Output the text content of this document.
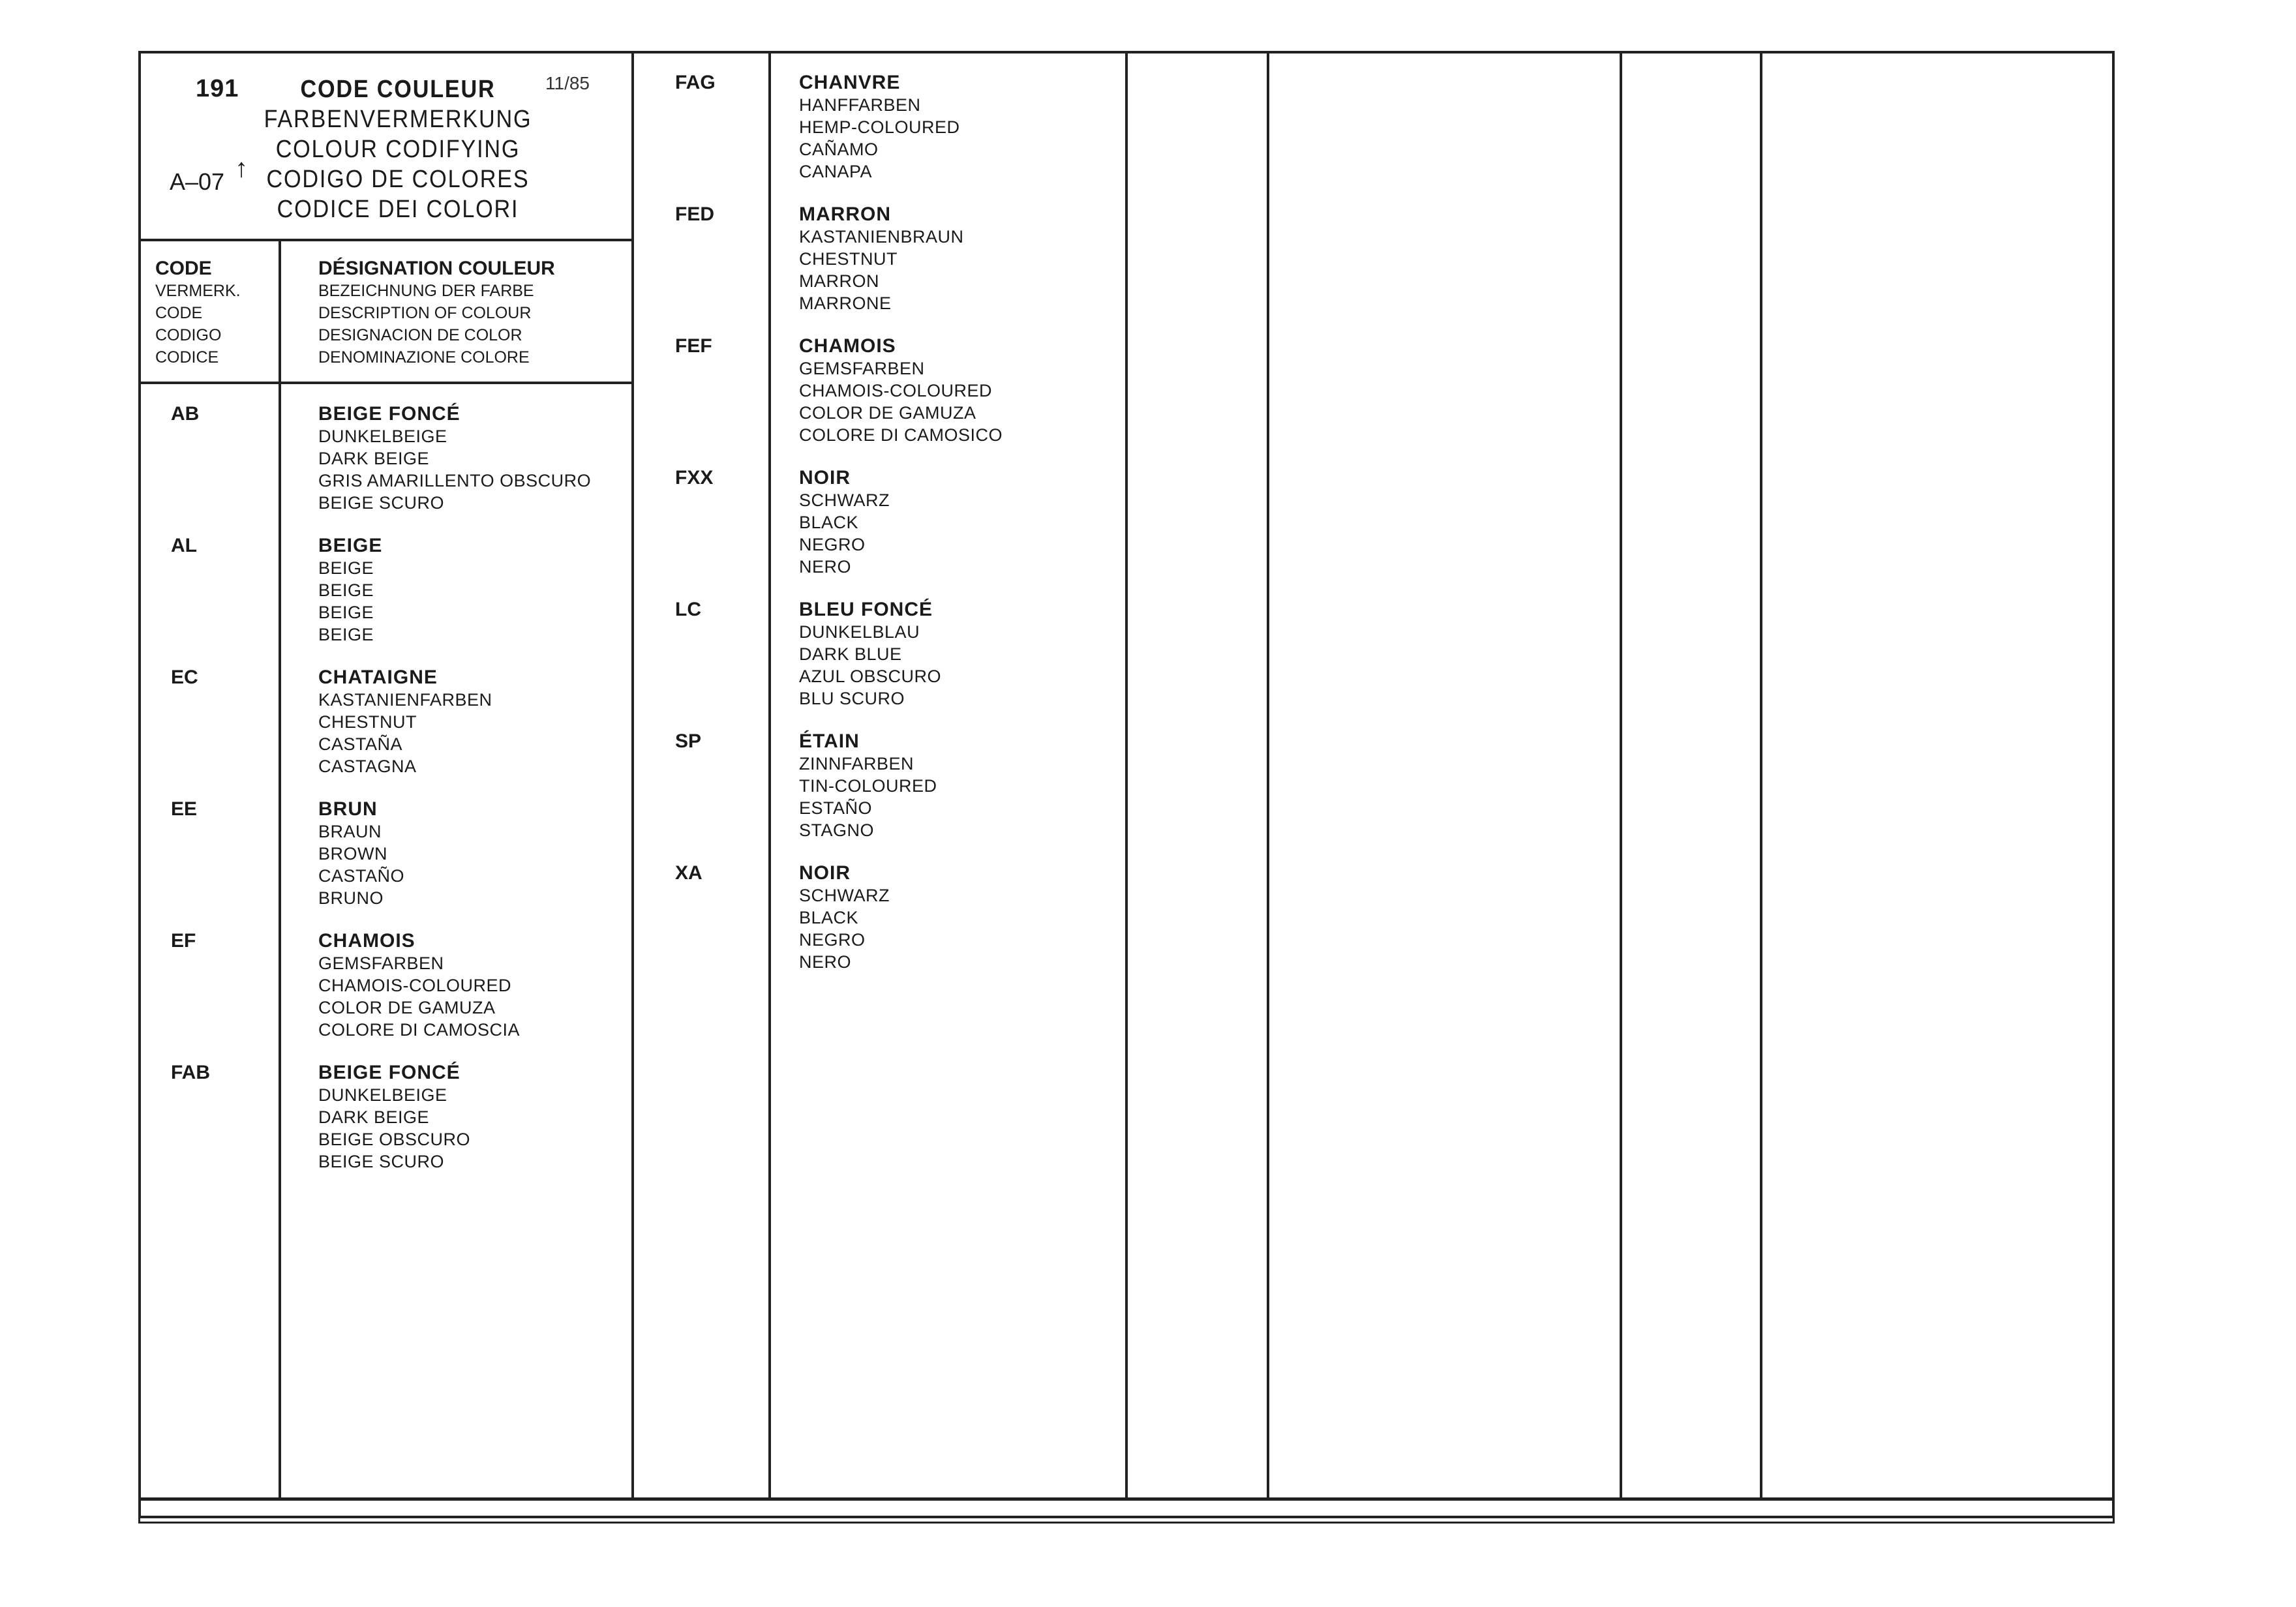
191	11/85
A–07 ↑
CODE COULEUR
FARBENVERMERKUNG
COLOUR CODIFYING
CODIGO DE COLORES
CODICE DEI COLORI
CODE
VERMERK.
CODE
CODIGO
CODICE
DÉSIGNATION COULEUR
BEZEICHNUNG DER FARBE
DESCRIPTION OF COLOUR
DESIGNACION DE COLOR
DENOMINAZIONE COLORE
AB	BEIGE FONCÉ
DUNKELBEIGE
DARK BEIGE
GRIS AMARILLENTO OBSCURO
BEIGE SCURO
AL	BEIGE
BEIGE
BEIGE
BEIGE
BEIGE
EC	CHATAIGNE
KASTANIENFARBEN
CHESTNUT
CASTAÑA
CASTAGNA
EE	BRUN
BRAUN
BROWN
CASTAÑO
BRUNO
EF	CHAMOIS
GEMSFARBEN
CHAMOIS-COLOURED
COLOR DE GAMUZA
COLORE DI CAMOSCIA
FAB	BEIGE FONCÉ
DUNKELBEIGE
DARK BEIGE
BEIGE OBSCURO
BEIGE SCURO
FAG	CHANVRE
HANFFARBEN
HEMP-COLOURED
CAÑAMO
CANAPA
FED	MARRON
KASTANIENBRAUN
CHESTNUT
MARRON
MARRONE
FEF	CHAMOIS
GEMSFARBEN
CHAMOIS-COLOURED
COLOR DE GAMUZA
COLORE DI CAMOSICO
FXX	NOIR
SCHWARZ
BLACK
NEGRO
NERO
LC	BLEU FONCÉ
DUNKELBLAU
DARK BLUE
AZUL OBSCURO
BLU SCURO
SP	ÉTAIN
ZINNFARBEN
TIN-COLOURED
ESTAÑO
STAGNO
XA	NOIR
SCHWARZ
BLACK
NEGRO
NERO
